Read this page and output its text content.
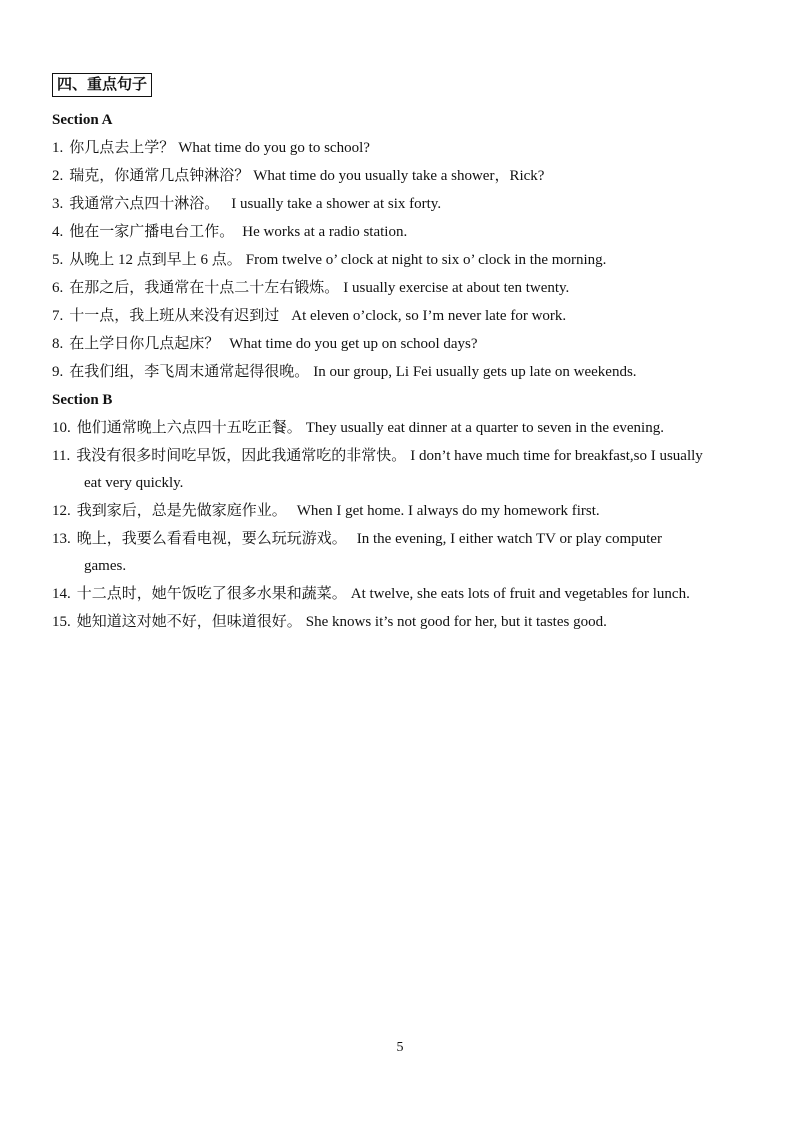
四、重点句子
Section A
1. 你几点去上学？ What time do you go to school?
2. 瑞克，你通常几点钟淋浴？ What time do you usually take a shower，Rick?
3. 我通常六点四十淋浴。 I usually take a shower at six forty.
4. 他在一家广播电台工作。 He works at a radio station.
5. 从晚上 12 点到早上 6 点。 From twelve o’ clock at night to six o’ clock in the morning.
6. 在那之后，我通常在十点二十左右锻炼。 I usually exercise at about ten twenty.
7. 十一点，我上班从来没有迟到过 At eleven o’clock, so I’m never late for work.
8. 在上学日你几点起床？ What time do you get up on school days?
9. 在我们组，李飞周末通常起得很晚。 In our group, Li Fei usually gets up late on weekends.
Section B
10. 他们通常晚上六点四十五吃正餐。 They usually eat dinner at a quarter to seven in the evening.
11. 我没有很多时间吃早饭，因此我通常吃的非常快。 I don’t have much time for breakfast,so I usually
eat very quickly.
12. 我到家后，总是先做家庭作业。 When I get home. I always do my homework first.
13. 晚上，我要么看看电视，要么玩玩游戏。 In the evening, I either watch TV or play computer
games.
14. 十二点时，她午饭吃了很多水果和蔬菜。 At twelve, she eats lots of fruit and vegetables for lunch.
15. 她知道这对她不好，但味道很好。 She knows it’s not good for her, but it tastes good.
5
